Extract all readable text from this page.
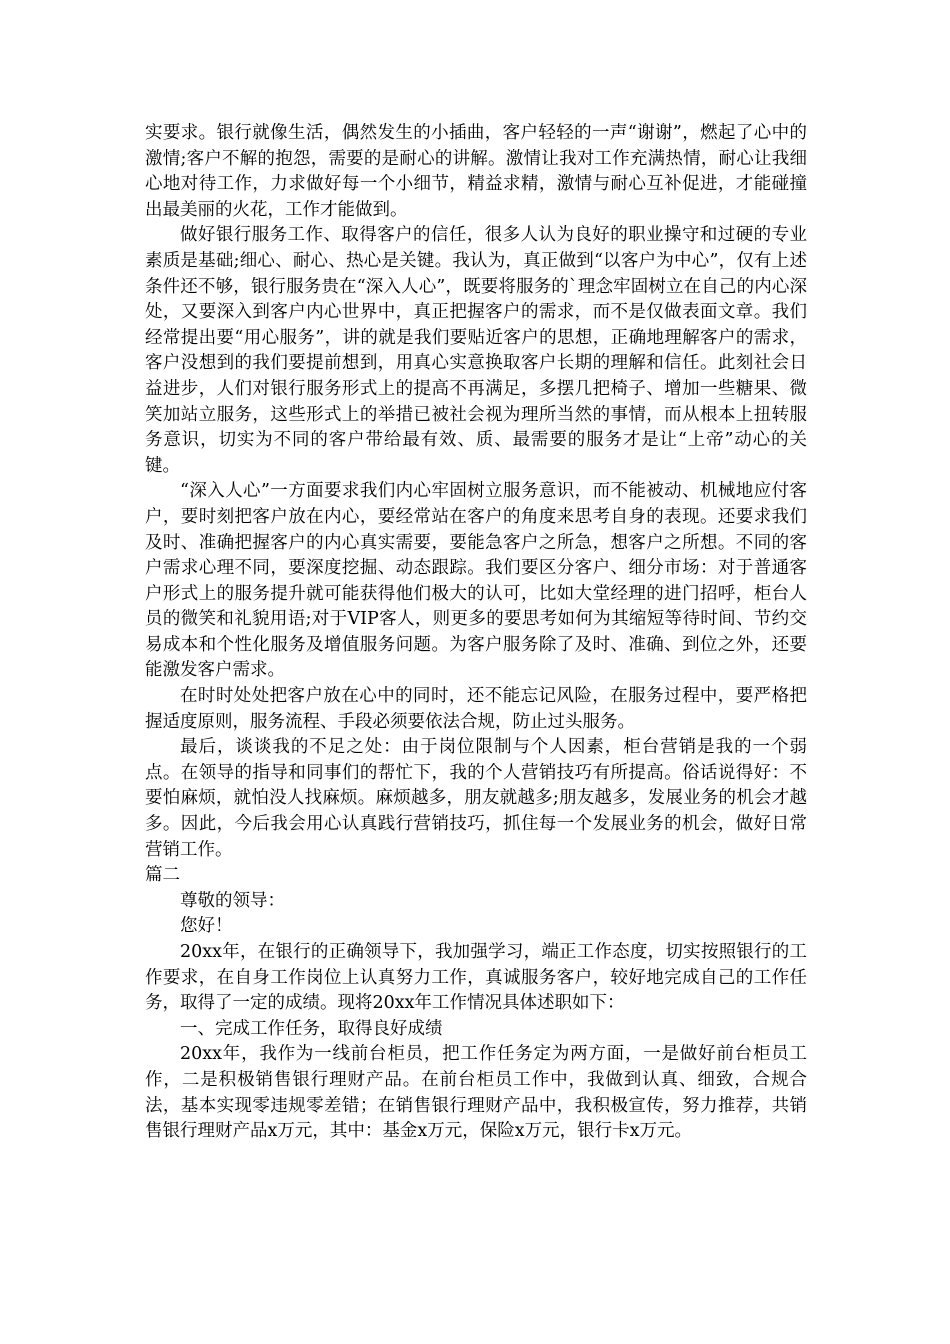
实要求。银行就像生活，偶然发生的小插曲，客户轻轻的一声“谢谢”，燃起了心中的激情;客户不解的抱怨，需要的是耐心的讲解。激情让我对工作充满热情，耐心让我细心地对待工作，力求做好每一个小细节，精益求精，激情与耐心互补促进，才能碰撞出最美丽的火花，工作才能做到。

做好银行服务工作、取得客户的信任，很多人认为良好的职业操守和过硬的专业素质是基础;细心、耐心、热心是关键。我认为，真正做到“以客户为中心”，仅有上述条件还不够，银行服务贵在“深入人心”，既要将服务的`理念牢固树立在自己的内心深处，又要深入到客户内心世界中，真正把握客户的需求，而不是仅做表面文章。我们经常提出要“用心服务”，讲的就是我们要贴近客户的思想，正确地理解客户的需求，客户没想到的我们要提前想到，用真心实意换取客户长期的理解和信任。此刻社会日益进步，人们对银行服务形式上的提高不再满足，多摆几把椅子、增加一些糖果、微笑加站立服务，这些形式上的举措已被社会视为理所当然的事情，而从根本上扭转服务意识，切实为不同的客户带给最有效、质、最需要的服务才是让“上帝”动心的关键。

“深入人心”一方面要求我们内心牢固树立服务意识，而不能被动、机械地应付客户，要时刻把客户放在内心，要经常站在客户的角度来思考自身的表现。还要求我们及时、准确把握客户的内心真实需要，要能急客户之所急，想客户之所想。不同的客户需求心理不同，要深度挖掘、动态跟踪。我们要区分客户、细分市场：对于普通客户形式上的服务提升就可能获得他们极大的认可，比如大堂经理的进门招呼，柜台人员的微笑和礼貌用语;对于VIP客人，则更多的要思考如何为其缩短等待时间、节约交易成本和个性化服务及增值服务问题。为客户服务除了及时、准确、到位之外，还要能激发客户需求。

在时时处处把客户放在心中的同时，还不能忘记风险，在服务过程中，要严格把握适度原则，服务流程、手段必须要依法合规，防止过头服务。

最后，谈谈我的不足之处：由于岗位限制与个人因素，柜台营销是我的一个弱点。在领导的指导和同事们的帮忙下，我的个人营销技巧有所提高。俗话说得好：不要怕麻烦，就怕没人找麻烦。麻烦越多，朋友就越多;朋友越多，发展业务的机会才越多。因此，今后我会用心认真践行营销技巧，抓住每一个发展业务的机会，做好日常营销工作。

篇二

尊敬的领导：

您好！

20xx年，在银行的正确领导下，我加强学习，端正工作态度，切实按照银行的工作要求，在自身工作岗位上认真努力工作，真诚服务客户，较好地完成自己的工作任务，取得了一定的成绩。现将20xx年工作情况具体述职如下：

一、完成工作任务，取得良好成绩

20xx年，我作为一线前台柜员，把工作任务定为两方面，一是做好前台柜员工作，二是积极销售银行理财产品。在前台柜员工作中，我做到认真、细致，合规合法，基本实现零违规零差错；在销售银行理财产品中，我积极宣传，努力推荐，共销售银行理财产品x万元，其中：基金x万元，保险x万元，银行卡x万元。
